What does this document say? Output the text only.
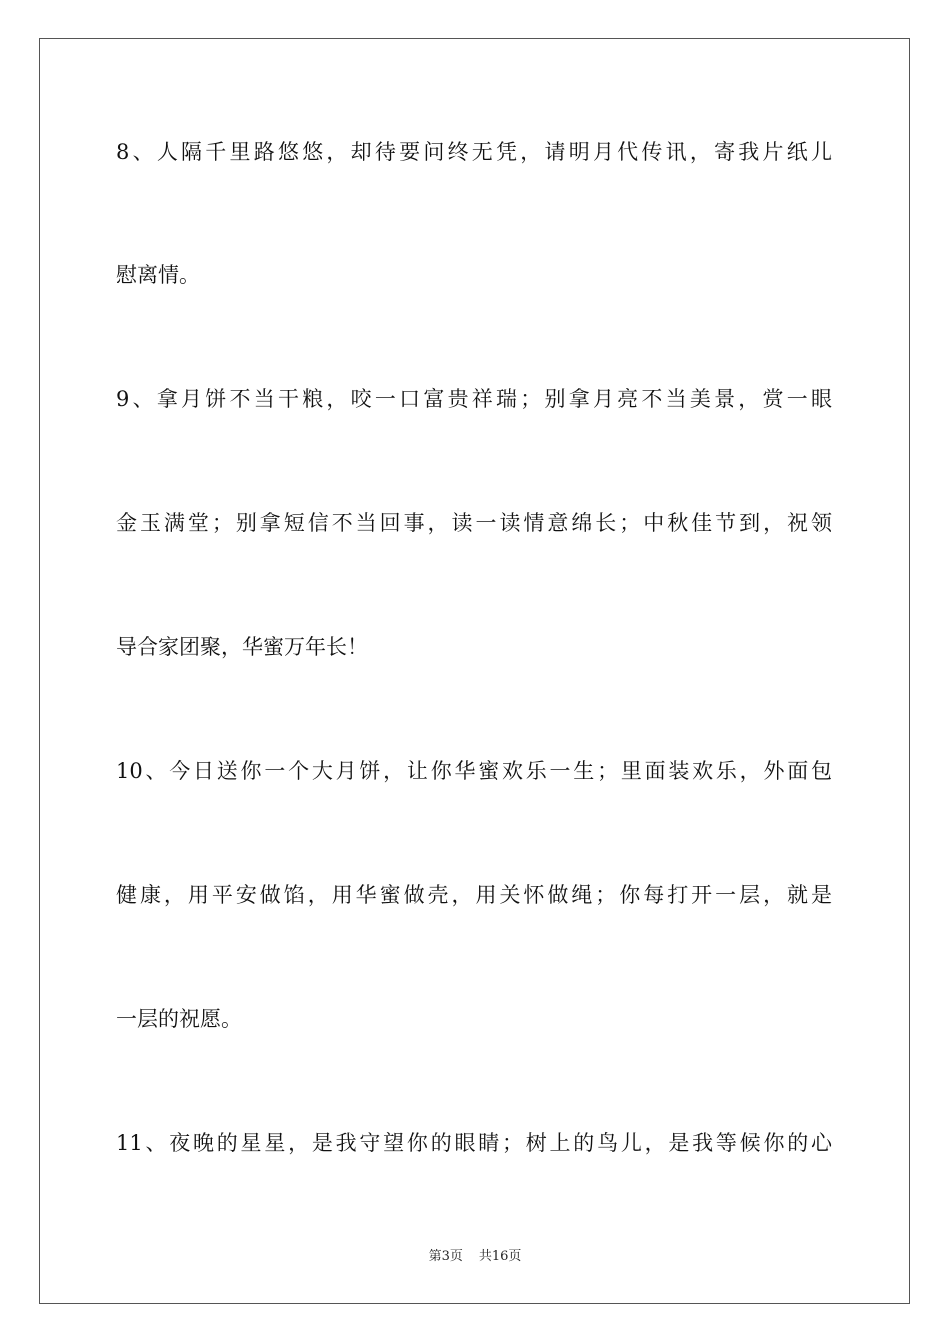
8、人隔千里路悠悠，却待要问终无凭，请明月代传讯，寄我片纸儿
慰离情。
9、拿月饼不当干粮，咬一口富贵祥瑞；别拿月亮不当美景，赏一眼
金玉满堂；别拿短信不当回事，读一读情意绵长；中秋佳节到，祝领
导合家团聚，华蜜万年长！
10、今日送你一个大月饼，让你华蜜欢乐一生；里面装欢乐，外面包
健康，用平安做馅，用华蜜做壳，用关怀做绳；你每打开一层，就是
一层的祝愿。
11、夜晚的星星，是我守望你的眼睛；树上的鸟儿，是我等候你的心
第3页 共16页
